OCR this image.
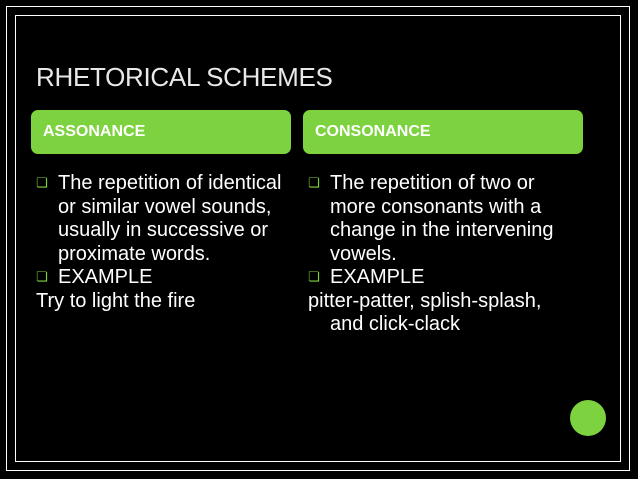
RHETORICAL SCHEMES
ASSONANCE	CONSONANCE
❏ The repetition of identical or similar vowel sounds, usually in successive or proximate words.
❏ EXAMPLE
Try to light the fire
❏ The repetition of two or more consonants with a change in the intervening vowels.
❏ EXAMPLE
pitter-patter, splish-splash, and click-clack
